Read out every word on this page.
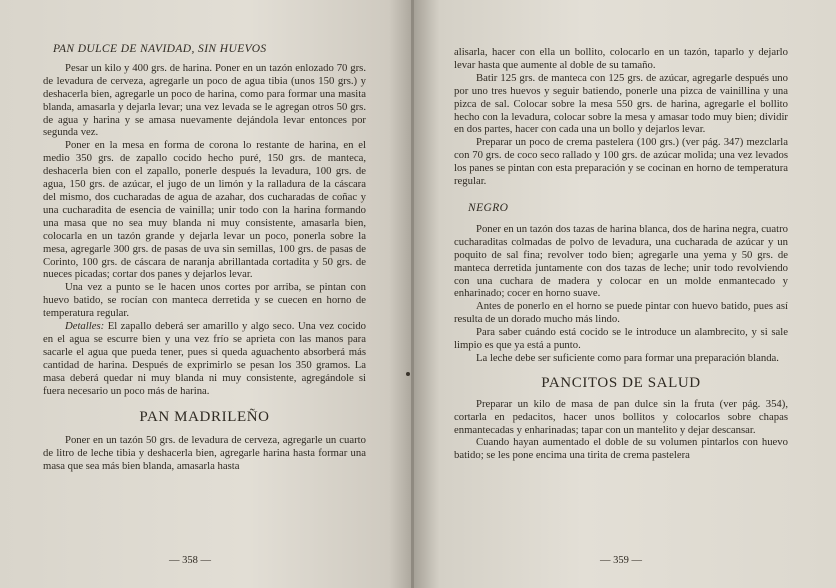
PAN DULCE DE NAVIDAD, SIN HUEVOS

Pesar un kilo y 400 grs. de harina. Poner en un tazón enlozado 70 grs. de levadura de cerveza, agregarle un poco de agua tibia (unos 150 grs.) y deshacerla bien, agregarle un poco de harina, como para formar una masita blanda, amasarla y dejarla levar; una vez levada se le agregan otros 50 grs. de agua y harina y se amasa nuevamente dejándola levar entonces por segunda vez.

Poner en la mesa en forma de corona lo restante de harina, en el medio 350 grs. de zapallo cocido hecho puré, 150 grs. de manteca, deshacerla bien con el zapallo, ponerle después la levadura, 100 grs. de agua, 150 grs. de azúcar, el jugo de un limón y la ralladura de la cáscara del mismo, dos cucharadas de agua de azahar, dos cucharadas de coñac y una cucharadita de esencia de vainilla; unir todo con la harina formando una masa que no sea muy blanda ni muy consistente, amasarla bien, colocarla en un tazón grande y dejarla levar un poco, ponerla sobre la mesa, agregarle 300 grs. de pasas de uva sin semillas, 100 grs. de pasas de Corinto, 100 grs. de cáscara de naranja abrillantada cortadita y 50 grs. de nueces picadas; cortar dos panes y dejarlos levar.

Una vez a punto se le hacen unos cortes por arriba, se pintan con huevo batido, se rocían con manteca derretida y se cuecen en horno de temperatura regular.

Detalles: El zapallo deberá ser amarillo y algo seco. Una vez cocido en el agua se escurre bien y una vez frío se aprieta con las manos para sacarle el agua que pueda tener, pues si queda aguachento absorberá más cantidad de harina. Después de exprimirlo se pesan los 350 gramos. La masa deberá quedar ni muy blanda ni muy consistente, agregándole si fuera necesario un poco más de harina.

PAN MADRILEÑO

Poner en un tazón 50 grs. de levadura de cerveza, agregarle un cuarto de litro de leche tibia y deshacerla bien, agregarle harina hasta formar una masa que sea más bien blanda, amasarla hasta

— 358 —

alisarla, hacer con ella un bollito, colocarlo en un tazón, taparlo y dejarlo levar hasta que aumente al doble de su tamaño.

Batir 125 grs. de manteca con 125 grs. de azúcar, agregarle después uno por uno tres huevos y seguir batiendo, ponerle una pizca de vainillina y una pizca de sal. Colocar sobre la mesa 550 grs. de harina, agregarle el bollito hecho con la levadura, colocar sobre la mesa y amasar todo muy bien; dividir en dos partes, hacer con cada una un bollo y dejarlos levar.

Preparar un poco de crema pastelera (100 grs.) (ver pág. 347) mezclarla con 70 grs. de coco seco rallado y 100 grs. de azúcar molida; una vez levados los panes se pintan con esta preparación y se cocinan en horno de temperatura regular.

NEGRO

Poner en un tazón dos tazas de harina blanca, dos de harina negra, cuatro cucharaditas colmadas de polvo de levadura, una cucharada de azúcar y un poquito de sal fina; revolver todo bien; agregarle una yema y 50 grs. de manteca derretida juntamente con dos tazas de leche; unir todo revolviendo con una cuchara de madera y colocar en un molde enmantecado y enharinado; cocer en horno suave.

Antes de ponerlo en el horno se puede pintar con huevo batido, pues así resulta de un dorado mucho más lindo.

Para saber cuándo está cocido se le introduce un alambrecito, y si sale limpio es que ya está a punto.

La leche debe ser suficiente como para formar una preparación blanda.

PANCITOS DE SALUD

Preparar un kilo de masa de pan dulce sin la fruta (ver pág. 354), cortarla en pedacitos, hacer unos bollitos y colocarlos sobre chapas enmantecadas y enharinadas; tapar con un mantelito y dejar descansar.

Cuando hayan aumentado el doble de su volumen pintarlos con huevo batido; se les pone encima una tirita de crema pastelera

— 359 —
